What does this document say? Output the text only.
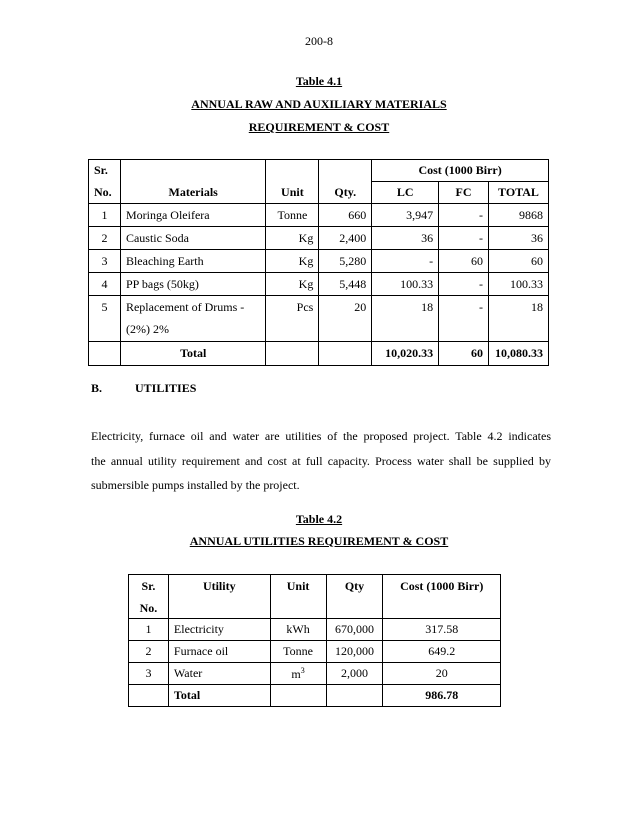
200-8
Table 4.1
ANNUAL RAW AND AUXILIARY MATERIALS
REQUIREMENT & COST
Sr.				Cost (1000 Birr)		
No.	Materials	Unit	Qty.	LC	FC	TOTAL
1	Moringa Oleifera	Tonne	660	3,947	-	9868
2	Caustic Soda	Kg	2,400	36	-	36
3	Bleaching Earth	Kg	5,280	-	60	60
4	PP bags (50kg)	Kg	5,448	100.33	-	100.33
5	Replacement of Drums -
(2%) 2%	Pcs	20	18	-	18
	Total			10,020.33	60	10,080.33
B.	UTILITIES
Electricity, furnace oil and water are utilities of the proposed project. Table 4.2 indicates
the annual utility requirement and cost at full capacity. Process water shall be supplied by
submersible pumps installed by the project.
Table 4.2
ANNUAL UTILITIES REQUIREMENT & COST
Sr.
No.	Utility	Unit	Qty	Cost (1000 Birr)
1	Electricity	kWh	670,000	317.58
2	Furnace oil	Tonne	120,000	649.2
3	Water	$m^3$	2,000	20
	Total			986.78
